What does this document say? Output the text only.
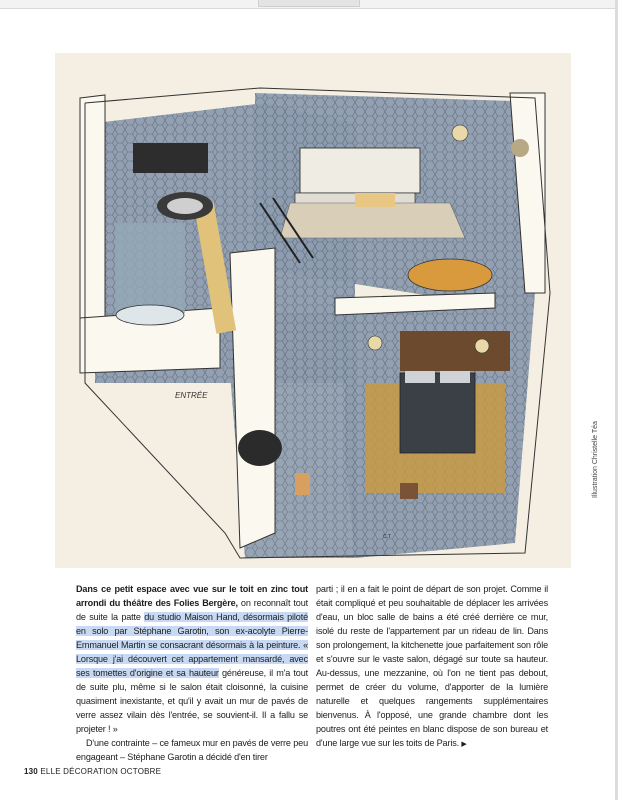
ENTRÉE
C.T
Illustration Christelle Téa

Dans ce petit espace avec vue sur le toit en zinc tout arrondi du théâtre des Folies Bergère, on reconnaît tout de suite la patte du studio Maison Hand, désormais piloté en solo par Stéphane Garotin, son ex-acolyte Pierre-Emmanuel Martin se consacrant désormais à la peinture. « Lorsque j'ai découvert cet appartement mansardé, avec ses tomettes d'origine et sa hauteur généreuse, il m'a tout de suite plu, même si le salon était cloisonné, la cuisine quasiment inexistante, et qu'il y avait un mur de pavés de verre assez vilain dès l'entrée, se souvient-il. Il a fallu se projeter ! »

D'une contrainte – ce fameux mur en pavés de verre peu engageant – Stéphane Garotin a décidé d'en tirer

parti ; il en a fait le point de départ de son projet. Comme il était compliqué et peu souhaitable de déplacer les arrivées d'eau, un bloc salle de bains a été créé derrière ce mur, isolé du reste de l'appartement par un rideau de lin. Dans son prolongement, la kitchenette joue parfaitement son rôle et s'ouvre sur le vaste salon, dégagé sur toute sa hauteur. Au-dessus, une mezzanine, où l'on ne tient pas debout, permet de créer du volume, d'apporter de la lumière naturelle et quelques rangements supplémentaires bienvenus. À l'opposé, une grande chambre dont les poutres ont été peintes en blanc dispose de son bureau et d'une large vue sur les toits de Paris. ▶

130 ELLE DÉCORATION OCTOBRE
